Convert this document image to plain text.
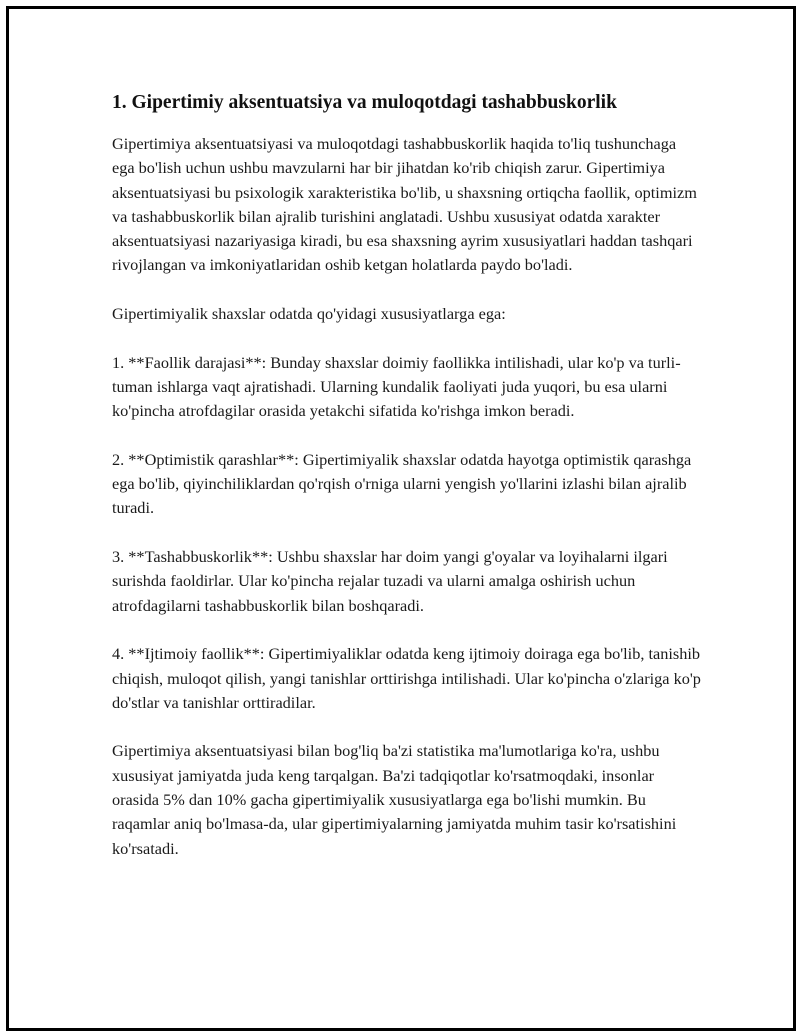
1. Gipertimiy aksentuatsiya va muloqotdagi tashabbuskorlik

Gipertimiya aksentuatsiyasi va muloqotdagi tashabbuskorlik haqida to'liq tushunchaga ega bo'lish uchun ushbu mavzularni har bir jihatdan ko'rib chiqish zarur. Gipertimiya aksentuatsiyasi bu psixologik xarakteristika bo'lib, u shaxsning ortiqcha faollik, optimizm va tashabbuskorlik bilan ajralib turishini anglatadi. Ushbu xususiyat odatda xarakter aksentuatsiyasi nazariyasiga kiradi, bu esa shaxsning ayrim xususiyatlari haddan tashqari rivojlangan va imkoniyatlaridan oshib ketgan holatlarda paydo bo'ladi.

Gipertimiyalik shaxslar odatda qo'yidagi xususiyatlarga ega:

1. **Faollik darajasi**: Bunday shaxslar doimiy faollikka intilishadi, ular ko'p va turli-tuman ishlarga vaqt ajratishadi. Ularning kundalik faoliyati juda yuqori, bu esa ularni ko'pincha atrofdagilar orasida yetakchi sifatida ko'rishga imkon beradi.

2. **Optimistik qarashlar**: Gipertimiyalik shaxslar odatda hayotga optimistik qarashga ega bo'lib, qiyinchiliklardan qo'rqish o'rniga ularni yengish yo'llarini izlashi bilan ajralib turadi.

3. **Tashabbuskorlik**: Ushbu shaxslar har doim yangi g'oyalar va loyihalarni ilgari surishda faoldirlar. Ular ko'pincha rejalar tuzadi va ularni amalga oshirish uchun atrofdagilarni tashabbuskorlik bilan boshqaradi.

4. **Ijtimoiy faollik**: Gipertimiyaliklar odatda keng ijtimoiy doiraga ega bo'lib, tanishib chiqish, muloqot qilish, yangi tanishlar orttirishga intilishadi. Ular ko'pincha o'zlariga ko'p do'stlar va tanishlar orttiradilar.

Gipertimiya aksentuatsiyasi bilan bog'liq ba'zi statistika ma'lumotlariga ko'ra, ushbu xususiyat jamiyatda juda keng tarqalgan. Ba'zi tadqiqotlar ko'rsatmoqdaki, insonlar orasida 5% dan 10% gacha gipertimiyalik xususiyatlarga ega bo'lishi mumkin. Bu raqamlar aniq bo'lmasa-da, ular gipertimiyalarning jamiyatda muhim tasir ko'rsatishini ko'rsatadi.
